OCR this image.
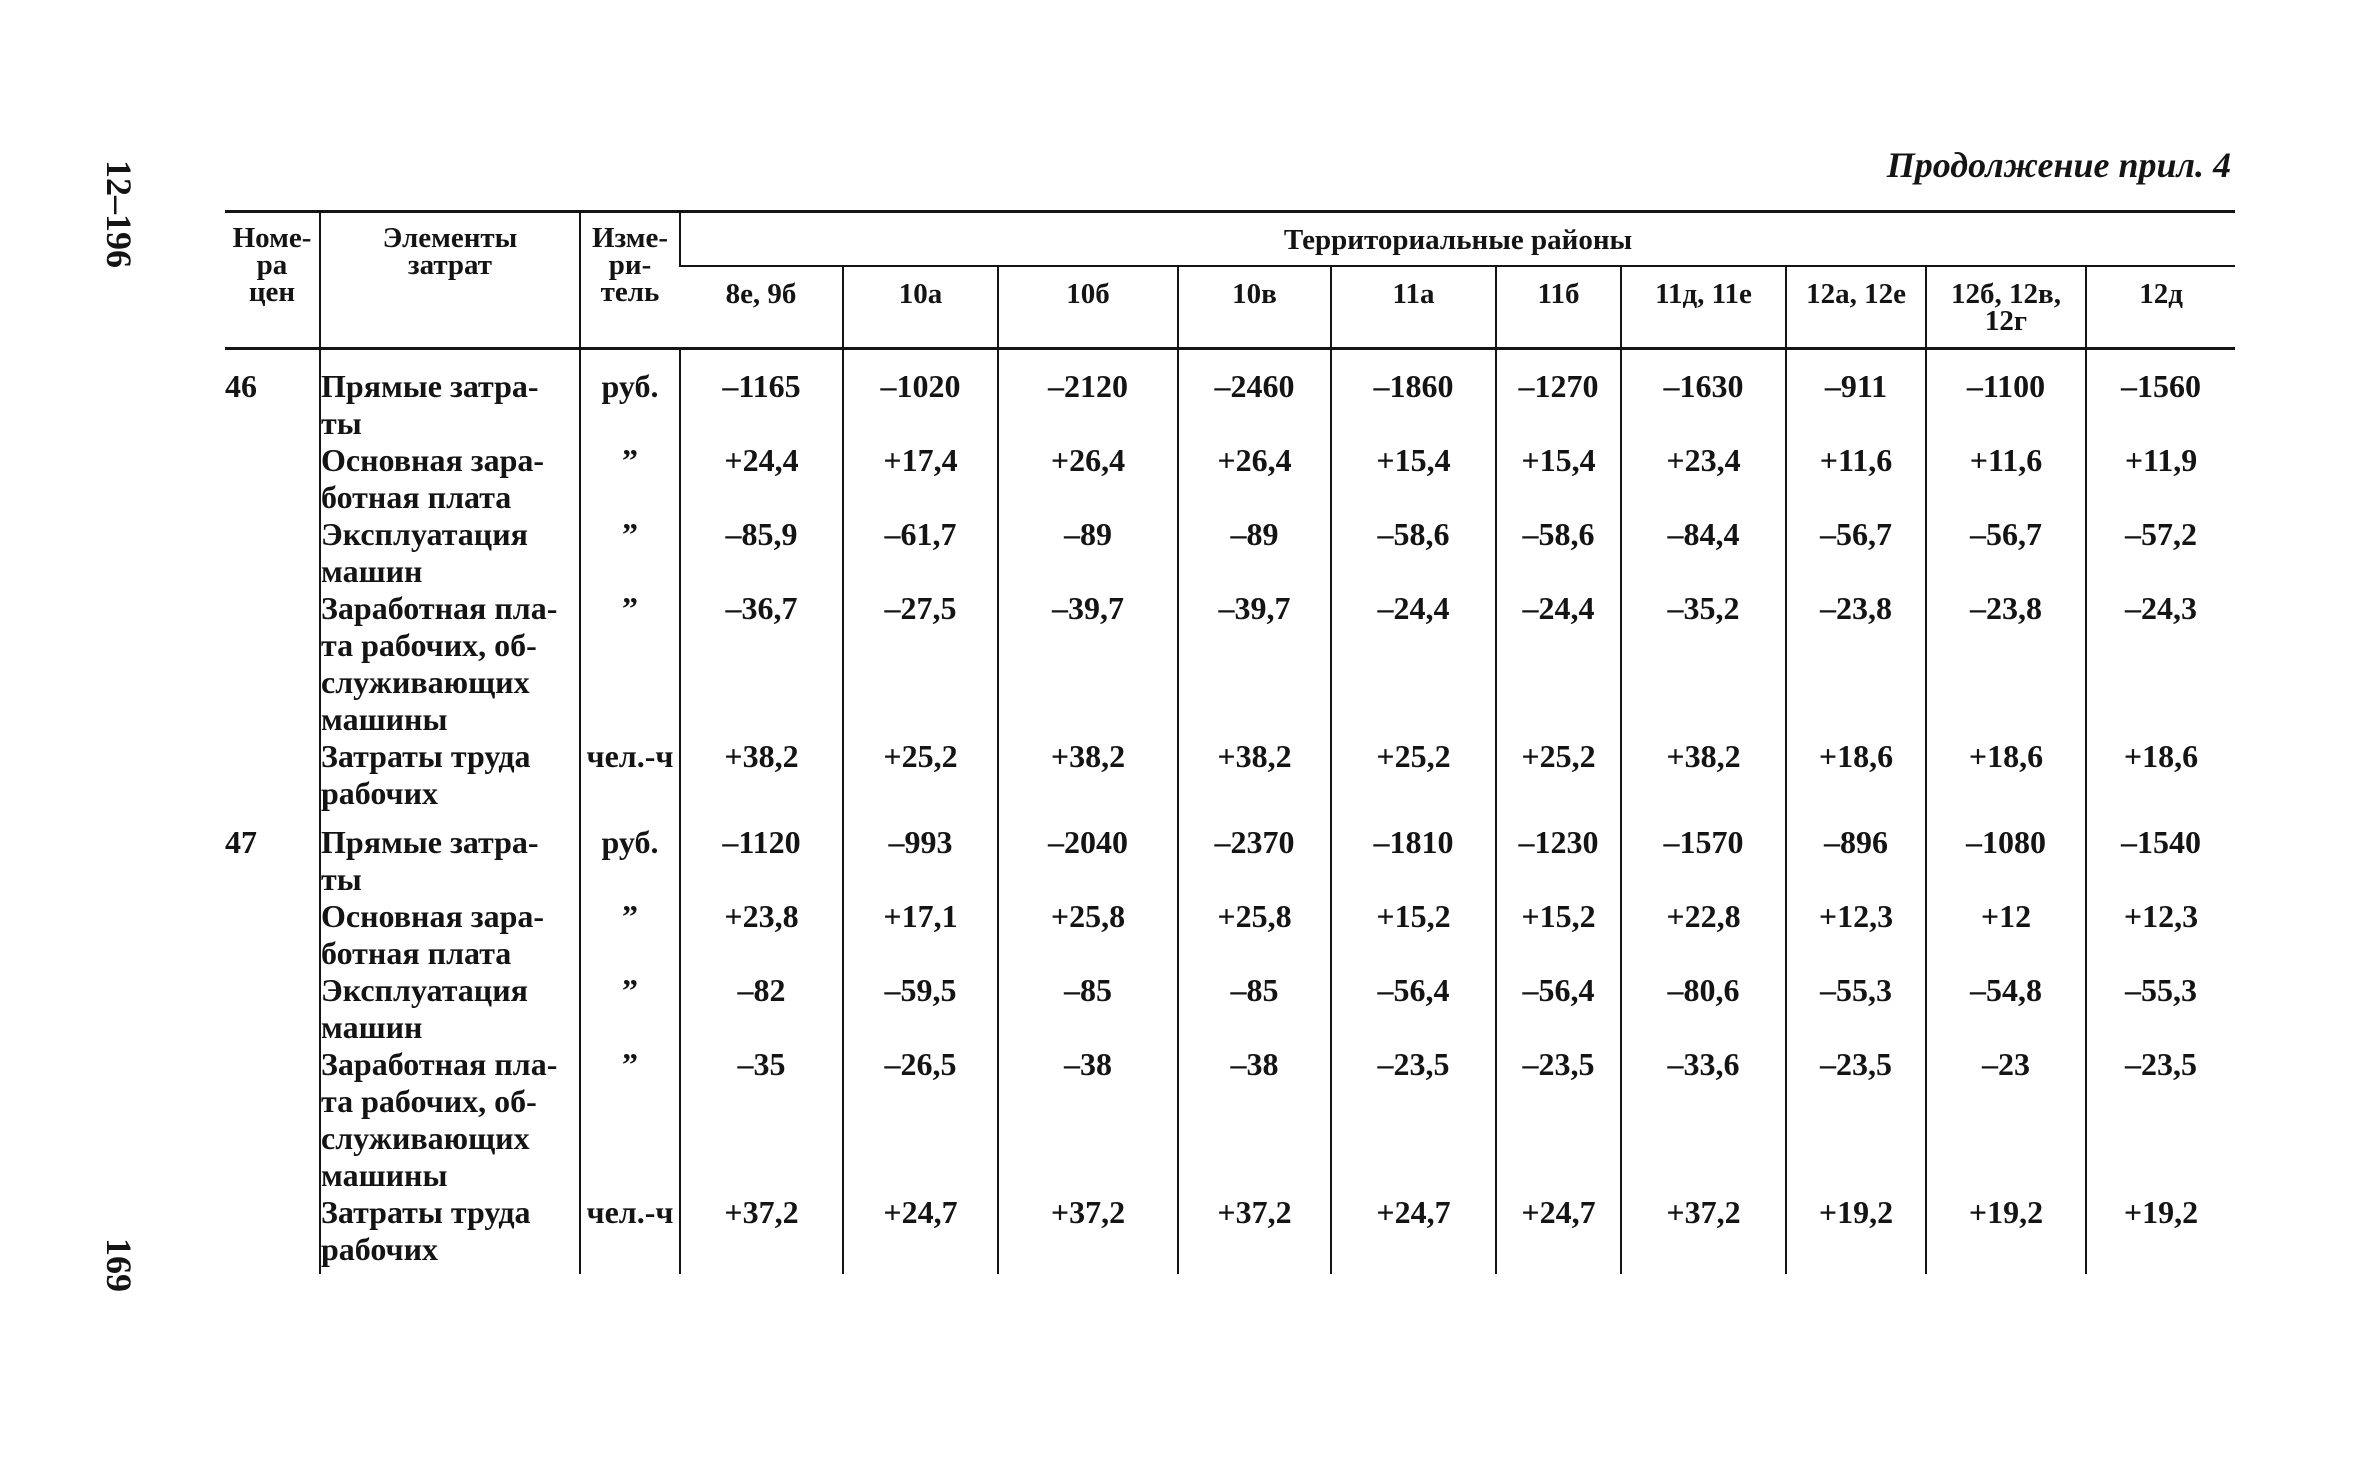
12–196
169
Продолжение прил. 4
Номе-
ра
цен	Элементы
затрат	Изме-
ри-
тель	Территориальные районы									
			8е, 9б	10а	10б	10в	11а	11б	11д, 11е	12а, 12е	12б, 12в,
12г	12д
46	Прямые затра-
ты	руб.	–1165	–1020	–2120	–2460	–1860	–1270	–1630	–911	–1100	–1560
	Основная зара-
ботная плата	”	+24,4	+17,4	+26,4	+26,4	+15,4	+15,4	+23,4	+11,6	+11,6	+11,9
	Эксплуатация
машин	”	–85,9	–61,7	–89	–89	–58,6	–58,6	–84,4	–56,7	–56,7	–57,2
	Заработная пла-
та рабочих, об-
служивающих
машины	”	–36,7	–27,5	–39,7	–39,7	–24,4	–24,4	–35,2	–23,8	–23,8	–24,3
	Затраты труда
рабочих	чел.-ч	+38,2	+25,2	+38,2	+38,2	+25,2	+25,2	+38,2	+18,6	+18,6	+18,6
47	Прямые затра-
ты	руб.	–1120	–993	–2040	–2370	–1810	–1230	–1570	–896	–1080	–1540
	Основная зара-
ботная плата	”	+23,8	+17,1	+25,8	+25,8	+15,2	+15,2	+22,8	+12,3	+12	+12,3
	Эксплуатация
машин	”	–82	–59,5	–85	–85	–56,4	–56,4	–80,6	–55,3	–54,8	–55,3
	Заработная пла-
та рабочих, об-
служивающих
машины	”	–35	–26,5	–38	–38	–23,5	–23,5	–33,6	–23,5	–23	–23,5
	Затраты труда
рабочих	чел.-ч	+37,2	+24,7	+37,2	+37,2	+24,7	+24,7	+37,2	+19,2	+19,2	+19,2
